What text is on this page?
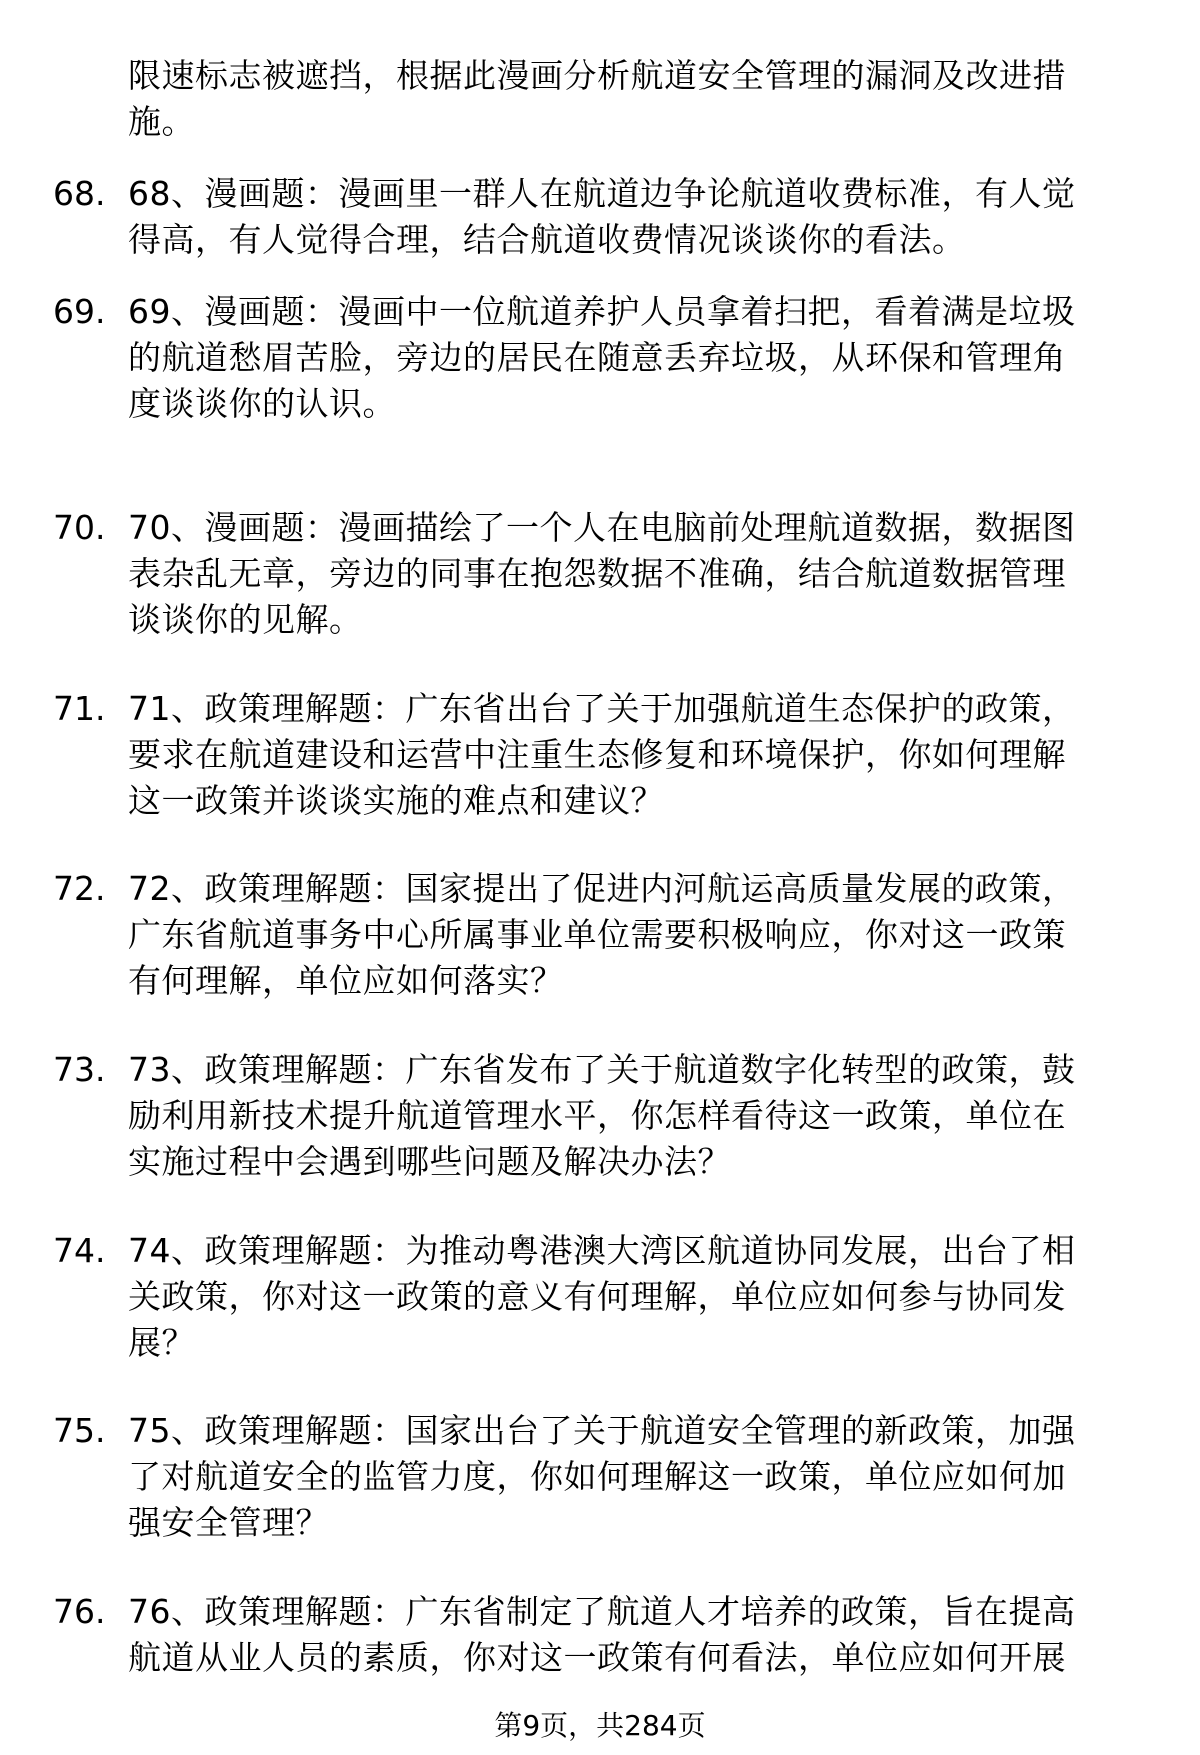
限速标志被遮挡，根据此漫画分析航道安全管理的漏洞及改进措
施。
68. 68、漫画题：漫画里一群人在航道边争论航道收费标准，有人觉
得高，有人觉得合理，结合航道收费情况谈谈你的看法。
69. 69、漫画题：漫画中一位航道养护人员拿着扫把，看着满是垃圾
的航道愁眉苦脸，旁边的居民在随意丢弃垃圾，从环保和管理角
度谈谈你的认识。
70. 70、漫画题：漫画描绘了一个人在电脑前处理航道数据，数据图
表杂乱无章，旁边的同事在抱怨数据不准确，结合航道数据管理
谈谈你的见解。
71. 71、政策理解题：广东省出台了关于加强航道生态保护的政策，
要求在航道建设和运营中注重生态修复和环境保护，你如何理解
这一政策并谈谈实施的难点和建议？
72. 72、政策理解题：国家提出了促进内河航运高质量发展的政策，
广东省航道事务中心所属事业单位需要积极响应，你对这一政策
有何理解，单位应如何落实？
73. 73、政策理解题：广东省发布了关于航道数字化转型的政策，鼓
励利用新技术提升航道管理水平，你怎样看待这一政策，单位在
实施过程中会遇到哪些问题及解决办法？
74. 74、政策理解题：为推动粤港澳大湾区航道协同发展，出台了相
关政策，你对这一政策的意义有何理解，单位应如何参与协同发
展？
75. 75、政策理解题：国家出台了关于航道安全管理的新政策，加强
了对航道安全的监管力度，你如何理解这一政策，单位应如何加
强安全管理？
76. 76、政策理解题：广东省制定了航道人才培养的政策，旨在提高
航道从业人员的素质，你对这一政策有何看法，单位应如何开展
第9页，共284页
